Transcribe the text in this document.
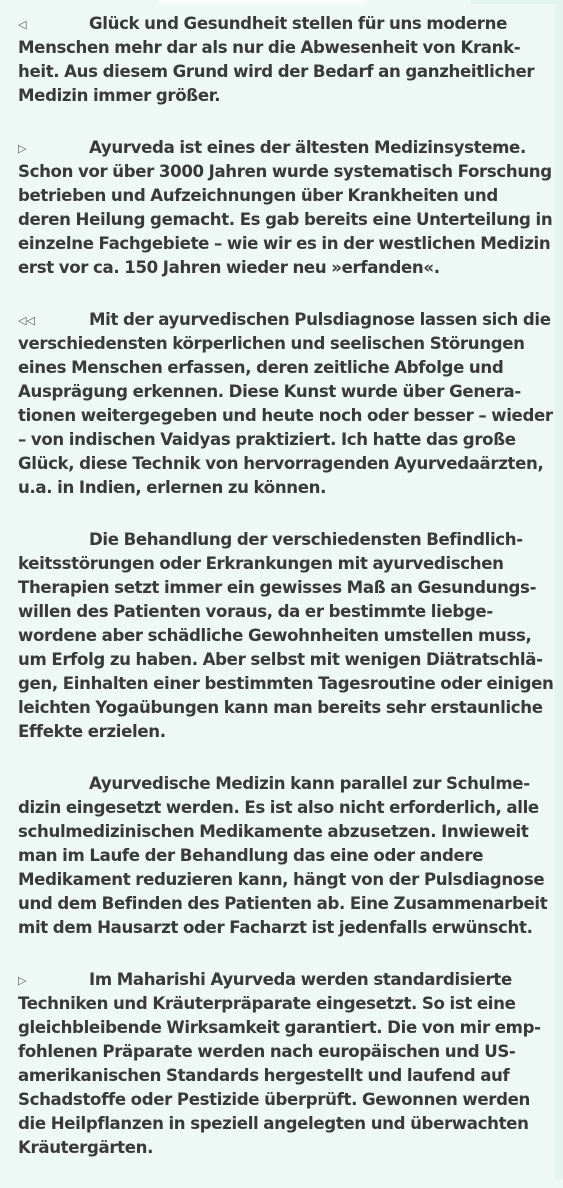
◁	Glück und Gesundheit stellen für uns moderne Menschen mehr dar als nur die Abwesenheit von Krankheit. Aus diesem Grund wird der Bedarf an ganzheitlicher Medizin immer größer.

▷	Ayurveda ist eines der ältesten Medizinsysteme. Schon vor über 3000 Jahren wurde systematisch Forschung betrieben und Aufzeichnungen über Krankheiten und deren Heilung gemacht. Es gab bereits eine Unterteilung in einzelne Fachgebiete – wie wir es in der westlichen Medizin erst vor ca. 150 Jahren wieder neu »erfanden«.

◁◁	Mit der ayurvedischen Pulsdiagnose lassen sich die verschiedensten körperlichen und seelischen Störungen eines Menschen erfassen, deren zeitliche Abfolge und Ausprägung erkennen. Diese Kunst wurde über Generationen weitergegeben und heute noch oder besser – wieder – von indischen Vaidyas praktiziert. Ich hatte das große Glück, diese Technik von hervorragenden Ayurvedaärzten, u.a. in Indien, erlernen zu können.

Die Behandlung der verschiedensten Befindlichkeitsstörungen oder Erkrankungen mit ayurvedischen Therapien setzt immer ein gewisses Maß an Gesundungswillen des Patienten voraus, da er bestimmte liebgewordene aber schädliche Gewohnheiten umstellen muss, um Erfolg zu haben. Aber selbst mit wenigen Diätratschlägen, Einhalten einer bestimmten Tagesroutine oder einigen leichten Yogaübungen kann man bereits sehr erstaunliche Effekte erzielen.

Ayurvedische Medizin kann parallel zur Schulmedizin eingesetzt werden. Es ist also nicht erforderlich, alle schulmedizinischen Medikamente abzusetzen. Inwieweit man im Laufe der Behandlung das eine oder andere Medikament reduzieren kann, hängt von der Pulsdiagnose und dem Befinden des Patienten ab. Eine Zusammenarbeit mit dem Hausarzt oder Facharzt ist jedenfalls erwünscht.

▷	Im Maharishi Ayurveda werden standardisierte Techniken und Kräuterpräparate eingesetzt. So ist eine gleichbleibende Wirksamkeit garantiert. Die von mir empfohlenen Präparate werden nach europäischen und US-amerikanischen Standards hergestellt und laufend auf Schadstoffe oder Pestizide überprüft. Gewonnen werden die Heilpflanzen in speziell angelegten und überwachten Kräutergärten.
